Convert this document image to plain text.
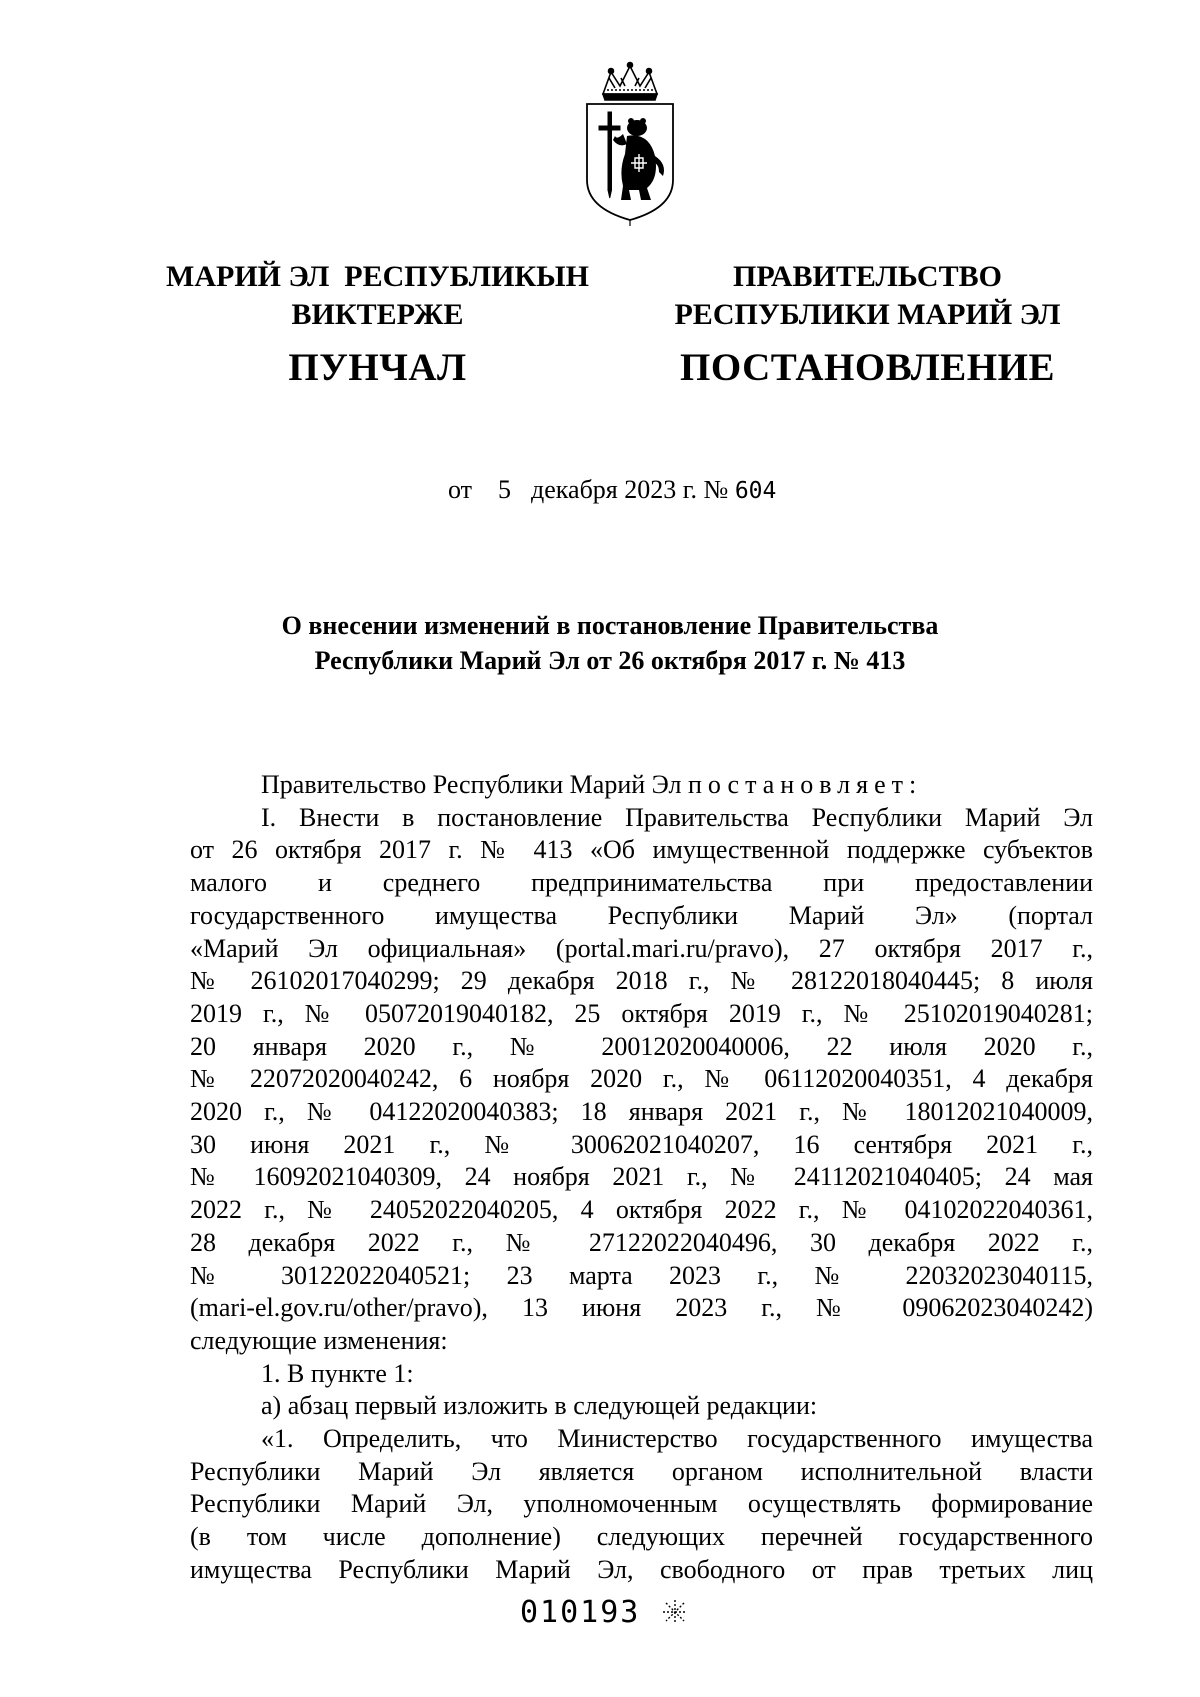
МАРИЙ ЭЛ  РЕСПУБЛИКЫН
ВИКТЕРЖЕ
ПРАВИТЕЛЬСТВО
РЕСПУБЛИКИ МАРИЙ ЭЛ
ПУНЧАЛ	ПОСТАНОВЛЕНИЕ
от 5 декабря 2023 г. № 604
О внесении изменений в постановление Правительства
Республики Марий Эл от 26 октября 2017 г. № 413

Правительство Республики Марий Эл постановляет:

I. Внести в постановление Правительства Республики Марий Эл

от 26 октября 2017 г. № 413 «Об имущественной поддержке субъектов

малого и среднего предпринимательства при предоставлении

государственного имущества Республики Марий Эл» (портал

«Марий Эл официальная» (portal.mari.ru/pravo), 27 октября 2017 г.,

№ 26102017040299; 29 декабря 2018 г., № 28122018040445; 8 июля

2019 г., № 05072019040182, 25 октября 2019 г., № 25102019040281;

20 января 2020 г., № 20012020040006, 22 июля 2020 г.,

№ 22072020040242, 6 ноября 2020 г., № 06112020040351, 4 декабря

2020 г., № 04122020040383; 18 января 2021 г., № 18012021040009,

30 июня 2021 г., № 30062021040207, 16 сентября 2021 г.,

№ 16092021040309, 24 ноября 2021 г., № 24112021040405; 24 мая

2022 г., № 24052022040205, 4 октября 2022 г., № 04102022040361,

28 декабря 2022 г., № 27122022040496, 30 декабря 2022 г.,

№ 30122022040521; 23 марта 2023 г., № 22032023040115,

(mari-el.gov.ru/other/pravo), 13 июня 2023 г., № 09062023040242)

следующие изменения:

1. В пункте 1:

а) абзац первый изложить в следующей редакции:

«1. Определить, что Министерство государственного имущества

Республики Марий Эл является органом исполнительной власти

Республики Марий Эл, уполномоченным осуществлять формирование

(в том числе дополнение) следующих перечней государственного

имущества Республики Марий Эл, свободного от прав третьих лиц

010193
